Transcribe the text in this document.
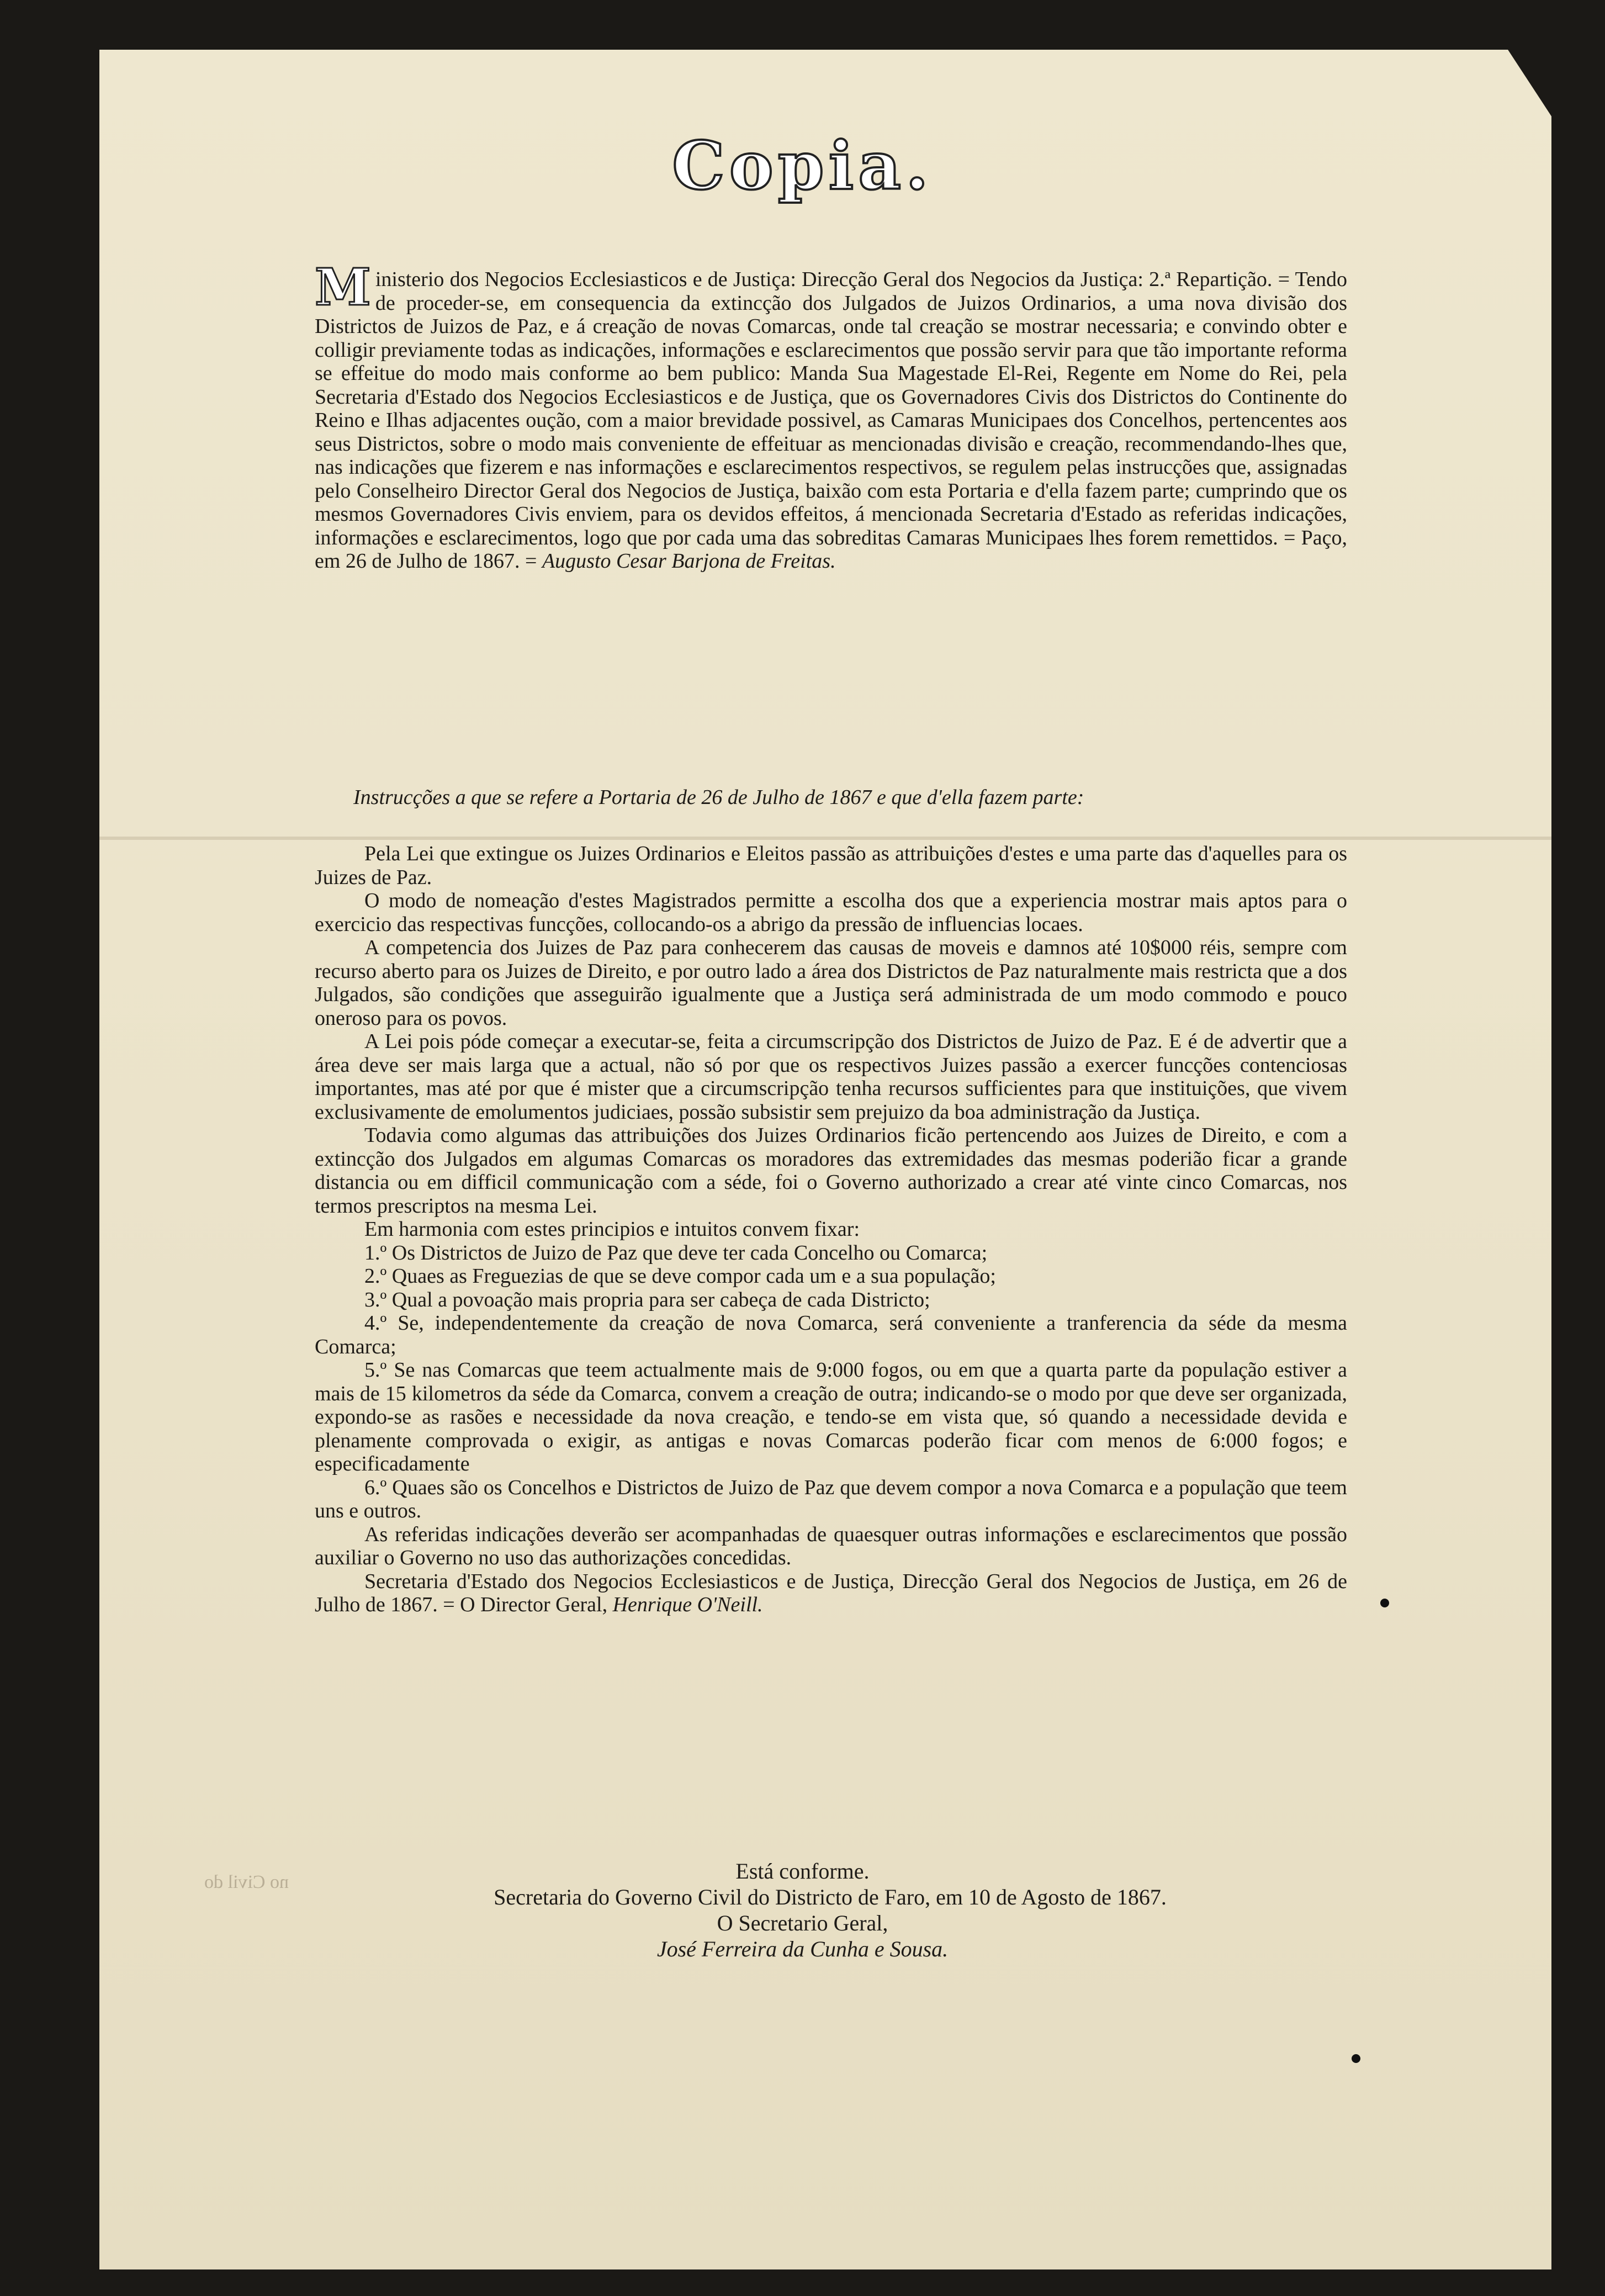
Copia.

Ministerio dos Negocios Ecclesiasticos e de Justiça: Direcção Geral dos Negocios da Justiça: 2.ª Repartição. = Tendo de proceder-se, em consequencia da extincção dos Julgados de Juizos Ordinarios, a uma nova divisão dos Districtos de Juizos de Paz, e á creação de novas Comarcas, onde tal creação se mostrar necessaria; e convindo obter e colligir previamente todas as indicações, informações e esclarecimentos que possão servir para que tão importante reforma se effeitue do modo mais conforme ao bem publico: Manda Sua Magestade El-Rei, Regente em Nome do Rei, pela Secretaria d'Estado dos Negocios Ecclesiasticos e de Justiça, que os Governadores Civis dos Districtos do Continente do Reino e Ilhas adjacentes oução, com a maior brevidade possivel, as Camaras Municipaes dos Concelhos, pertencentes aos seus Districtos, sobre o modo mais conveniente de effeituar as mencionadas divisão e creação, recommendando-lhes que, nas indicações que fizerem e nas informações e esclarecimentos respectivos, se regulem pelas instrucções que, assignadas pelo Conselheiro Director Geral dos Negocios de Justiça, baixão com esta Portaria e d'ella fazem parte; cumprindo que os mesmos Governadores Civis enviem, para os devidos effeitos, á mencionada Secretaria d'Estado as referidas indicações, informações e esclarecimentos, logo que por cada uma das sobreditas Camaras Municipaes lhes forem remettidos. = Paço, em 26 de Julho de 1867. = Augusto Cesar Barjona de Freitas.

Instrucções a que se refere a Portaria de 26 de Julho de 1867 e que d'ella fazem parte:

Pela Lei que extingue os Juizes Ordinarios e Eleitos passão as attribuições d'estes e uma parte das d'aquelles para os Juizes de Paz.

O modo de nomeação d'estes Magistrados permitte a escolha dos que a experiencia mostrar mais aptos para o exercicio das respectivas funcções, collocando-os a abrigo da pressão de influencias locaes.

A competencia dos Juizes de Paz para conhecerem das causas de moveis e damnos até 10$000 réis, sempre com recurso aberto para os Juizes de Direito, e por outro lado a área dos Districtos de Paz naturalmente mais restricta que a dos Julgados, são condições que asseguirão igualmente que a Justiça será administrada de um modo commodo e pouco oneroso para os povos.

A Lei pois póde começar a executar-se, feita a circumscripção dos Districtos de Juizo de Paz. E é de advertir que a área deve ser mais larga que a actual, não só por que os respectivos Juizes passão a exercer funcções contenciosas importantes, mas até por que é mister que a circumscripção tenha recursos sufficientes para que instituições, que vivem exclusivamente de emolumentos judiciaes, possão subsistir sem prejuizo da boa administração da Justiça.

Todavia como algumas das attribuições dos Juizes Ordinarios ficão pertencendo aos Juizes de Direito, e com a extincção dos Julgados em algumas Comarcas os moradores das extremidades das mesmas poderião ficar a grande distancia ou em difficil communicação com a séde, foi o Governo authorizado a crear até vinte cinco Comarcas, nos termos prescriptos na mesma Lei.

Em harmonia com estes principios e intuitos convem fixar:

1.º Os Districtos de Juizo de Paz que deve ter cada Concelho ou Comarca;

2.º Quaes as Freguezias de que se deve compor cada um e a sua população;

3.º Qual a povoação mais propria para ser cabeça de cada Districto;

4.º Se, independentemente da creação de nova Comarca, será conveniente a tranferencia da séde da mesma Comarca;

5.º Se nas Comarcas que teem actualmente mais de 9:000 fogos, ou em que a quarta parte da população estiver a mais de 15 kilometros da séde da Comarca, convem a creação de outra; indicando-se o modo por que deve ser organizada, expondo-se as rasões e necessidade da nova creação, e tendo-se em vista que, só quando a necessidade devida e plenamente comprovada o exigir, as antigas e novas Comarcas poderão ficar com menos de 6:000 fogos; e especificadamente

6.º Quaes são os Concelhos e Districtos de Juizo de Paz que devem compor a nova Comarca e a população que teem uns e outros.

As referidas indicações deverão ser acompanhadas de quaesquer outras informações e esclarecimentos que possão auxiliar o Governo no uso das authorizações concedidas.

Secretaria d'Estado dos Negocios Ecclesiasticos e de Justiça, Direcção Geral dos Negocios de Justiça, em 26 de Julho de 1867. = O Director Geral, Henrique O'Neill.

Está conforme.
Secretaria do Governo Civil do Districto de Faro, em 10 de Agosto de 1867.
O Secretario Geral,
José Ferreira da Cunha e Sousa.
no Civil do
